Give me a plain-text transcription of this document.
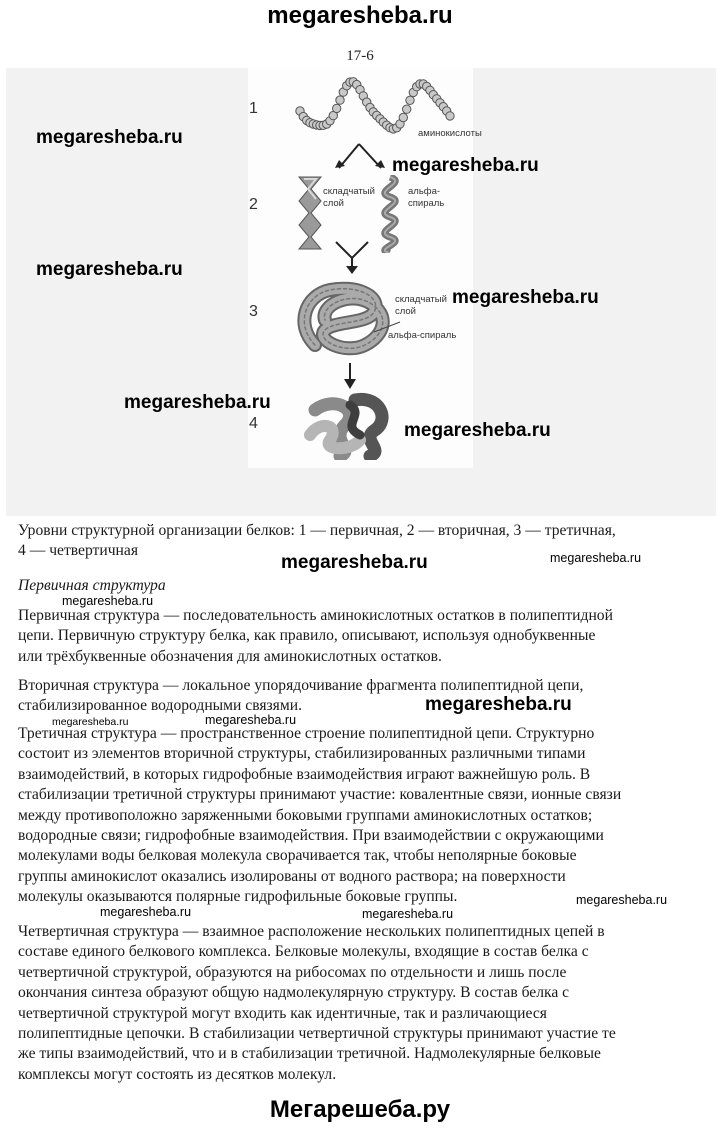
megaresheba.ru
17-6
1
2
3
4
аминокислоты
складчатый
слой
альфа-
спираль
складчатый
слой
альфа-спираль
megaresheba.ru
megaresheba.ru
megaresheba.ru
megaresheba.ru
megaresheba.ru
megaresheba.ru
Уровни структурной организации белков: 1 — первичная, 2 — вторичная, 3 — третичная,
4 — четвертичная
megaresheba.ru	megaresheba.ru
Первичная структура
megaresheba.ru
Первичная структура — последовательность аминокислотных остатков в полипептидной
цепи. Первичную структуру белка, как правило, описывают, используя однобуквенные
или трёхбуквенные обозначения для аминокислотных остатков.
Вторичная структура — локальное упорядочивание фрагмента полипептидной цепи,
стабилизированное водородными связями.	megaresheba.ru
megaresheba.ru	megaresheba.ru
Третичная структура — пространственное строение полипептидной цепи. Структурно
состоит из элементов вторичной структуры, стабилизированных различными типами
взаимодействий, в которых гидрофобные взаимодействия играют важнейшую роль. В
стабилизации третичной структуры принимают участие: ковалентные связи, ионные связи
между противоположно заряженными боковыми группами аминокислотных остатков;
водородные связи; гидрофобные взаимодействия. При взаимодействии с окружающими
молекулами воды белковая молекула сворачивается так, чтобы неполярные боковые
группы аминокислот оказались изолированы от водного раствора; на поверхности
молекулы оказываются полярные гидрофильные боковые группы.	megaresheba.ru
megaresheba.ru	megaresheba.ru
Четвертичная структура — взаимное расположение нескольких полипептидных цепей в
составе единого белкового комплекса. Белковые молекулы, входящие в состав белка с
четвертичной структурой, образуются на рибосомах по отдельности и лишь после
окончания синтеза образуют общую надмолекулярную структуру. В состав белка с
четвертичной структурой могут входить как идентичные, так и различающиеся
полипептидные цепочки. В стабилизации четвертичной структуры принимают участие те
же типы взаимодействий, что и в стабилизации третичной. Надмолекулярные белковые
комплексы могут состоять из десятков молекул.
Мегарешеба.ру
